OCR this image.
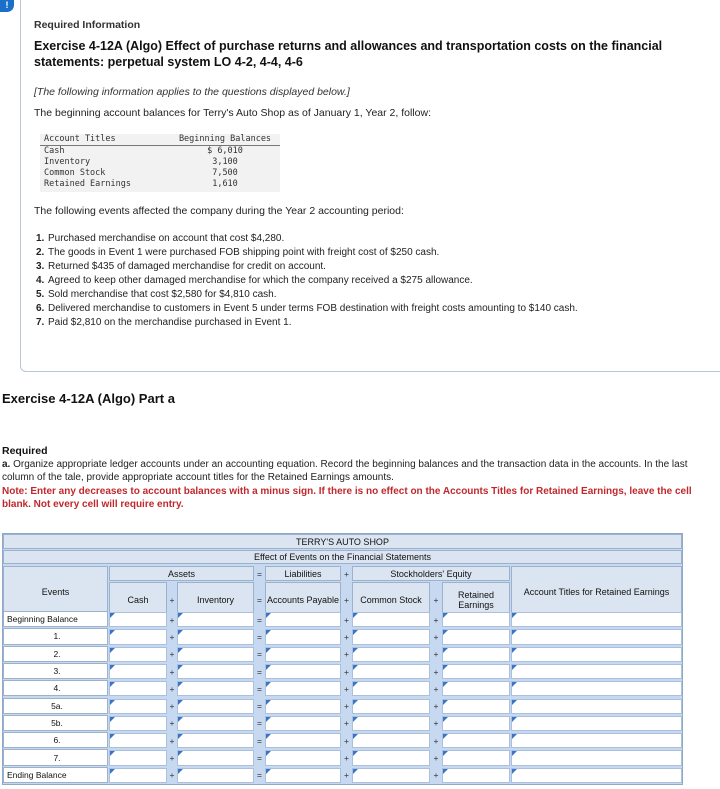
!
Required Information
Exercise 4-12A (Algo) Effect of purchase returns and allowances and transportation costs on the financial statements: perpetual system LO 4-2, 4-4, 4-6
[The following information applies to the questions displayed below.]
The beginning account balances for Terry's Auto Shop as of January 1, Year 2, follow:
Account Titles	Beginning Balances
Cash	$ 6,010
Inventory	3,100
Common Stock	7,500
Retained Earnings	1,610
The following events affected the company during the Year 2 accounting period:
1. Purchased merchandise on account that cost $4,280.
2. The goods in Event 1 were purchased FOB shipping point with freight cost of $250 cash.
3. Returned $435 of damaged merchandise for credit on account.
4. Agreed to keep other damaged merchandise for which the company received a $275 allowance.
5. Sold merchandise that cost $2,580 for $4,810 cash.
6. Delivered merchandise to customers in Event 5 under terms FOB destination with freight costs amounting to $140 cash.
7. Paid $2,810 on the merchandise purchased in Event 1.
Exercise 4-12A (Algo) Part a
Required
a. Organize appropriate ledger accounts under an accounting equation. Record the beginning balances and the transaction data in the accounts. In the last column of the tale, provide appropriate account titles for the Retained Earnings amounts.
Note: Enter any decreases to account balances with a minus sign. If there is no effect on the Accounts Titles for Retained Earnings, leave the cell blank. Not every cell will require entry.
TERRY'S AUTO SHOP
Effect of Events on the Financial Statements
Events
Assets	=	Liabilities	+	Stockholders' Equity
Account Titles for Retained Earnings
Cash	+	Inventory	= Accounts Payable +	Common Stock	+	Retained Earnings
Beginning Balance	+	=	+	+
1.	+	=	+	+
2.	+	=	+	+
3.	+	=	+	+
4.	+	=	+	+
5a.	+	=	+	+
5b.	+	=	+	+
6.	+	=	+	+
7.	+	=	+	+
Ending Balance	+	=	+	+
